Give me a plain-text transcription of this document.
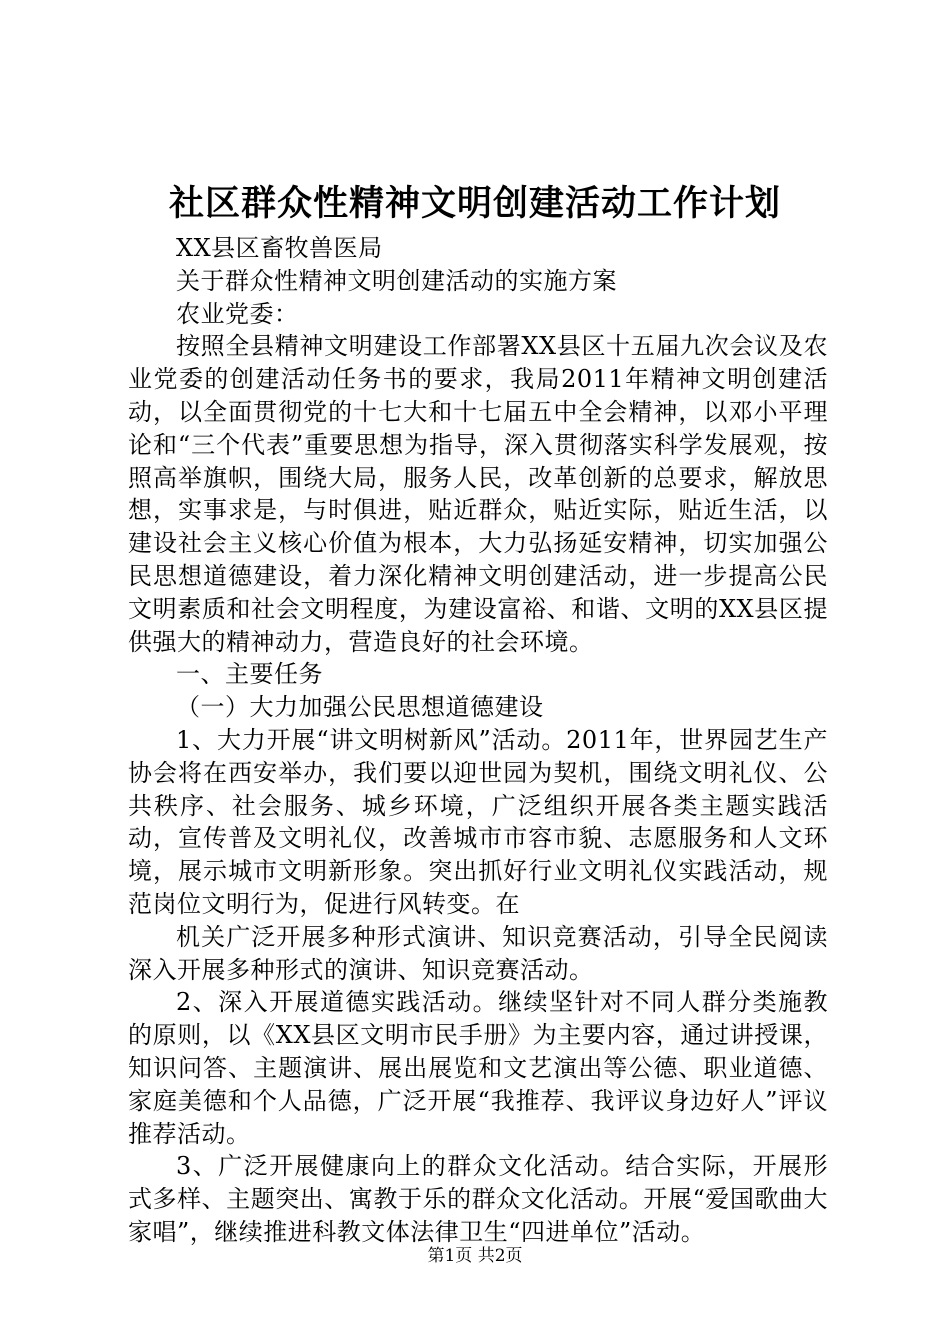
社区群众性精神文明创建活动工作计划

XX县区畜牧兽医局

关于群众性精神文明创建活动的实施方案

农业党委：

按照全县精神文明建设工作部署XX县区十五届九次会议及农业党委的创建活动任务书的要求，我局2011年精神文明创建活动，以全面贯彻党的十七大和十七届五中全会精神，以邓小平理论和“三个代表”重要思想为指导，深入贯彻落实科学发展观，按照高举旗帜，围绕大局，服务人民，改革创新的总要求，解放思想，实事求是，与时俱进，贴近群众，贴近实际，贴近生活，以建设社会主义核心价值为根本，大力弘扬延安精神，切实加强公民思想道德建设，着力深化精神文明创建活动，进一步提高公民文明素质和社会文明程度，为建设富裕、和谐、文明的XX县区提供强大的精神动力，营造良好的社会环境。

一、主要任务

（一）大力加强公民思想道德建设

1、大力开展“讲文明树新风”活动。2011年，世界园艺生产协会将在西安举办，我们要以迎世园为契机，围绕文明礼仪、公共秩序、社会服务、城乡环境，广泛组织开展各类主题实践活动，宣传普及文明礼仪，改善城市市容市貌、志愿服务和人文环境，展示城市文明新形象。突出抓好行业文明礼仪实践活动，规范岗位文明行为，促进行风转变。在

机关广泛开展多种形式演讲、知识竞赛活动，引导全民阅读深入开展多种形式的演讲、知识竞赛活动。

2、深入开展道德实践活动。继续坚针对不同人群分类施教的原则，以《XX县区文明市民手册》为主要内容，通过讲授课，知识问答、主题演讲、展出展览和文艺演出等公德、职业道德、家庭美德和个人品德，广泛开展“我推荐、我评议身边好人”评议推荐活动。

3、广泛开展健康向上的群众文化活动。结合实际，开展形式多样、主题突出、寓教于乐的群众文化活动。开展“爱国歌曲大家唱”，继续推进科教文体法律卫生“四进单位”活动。

第1页 共2页
